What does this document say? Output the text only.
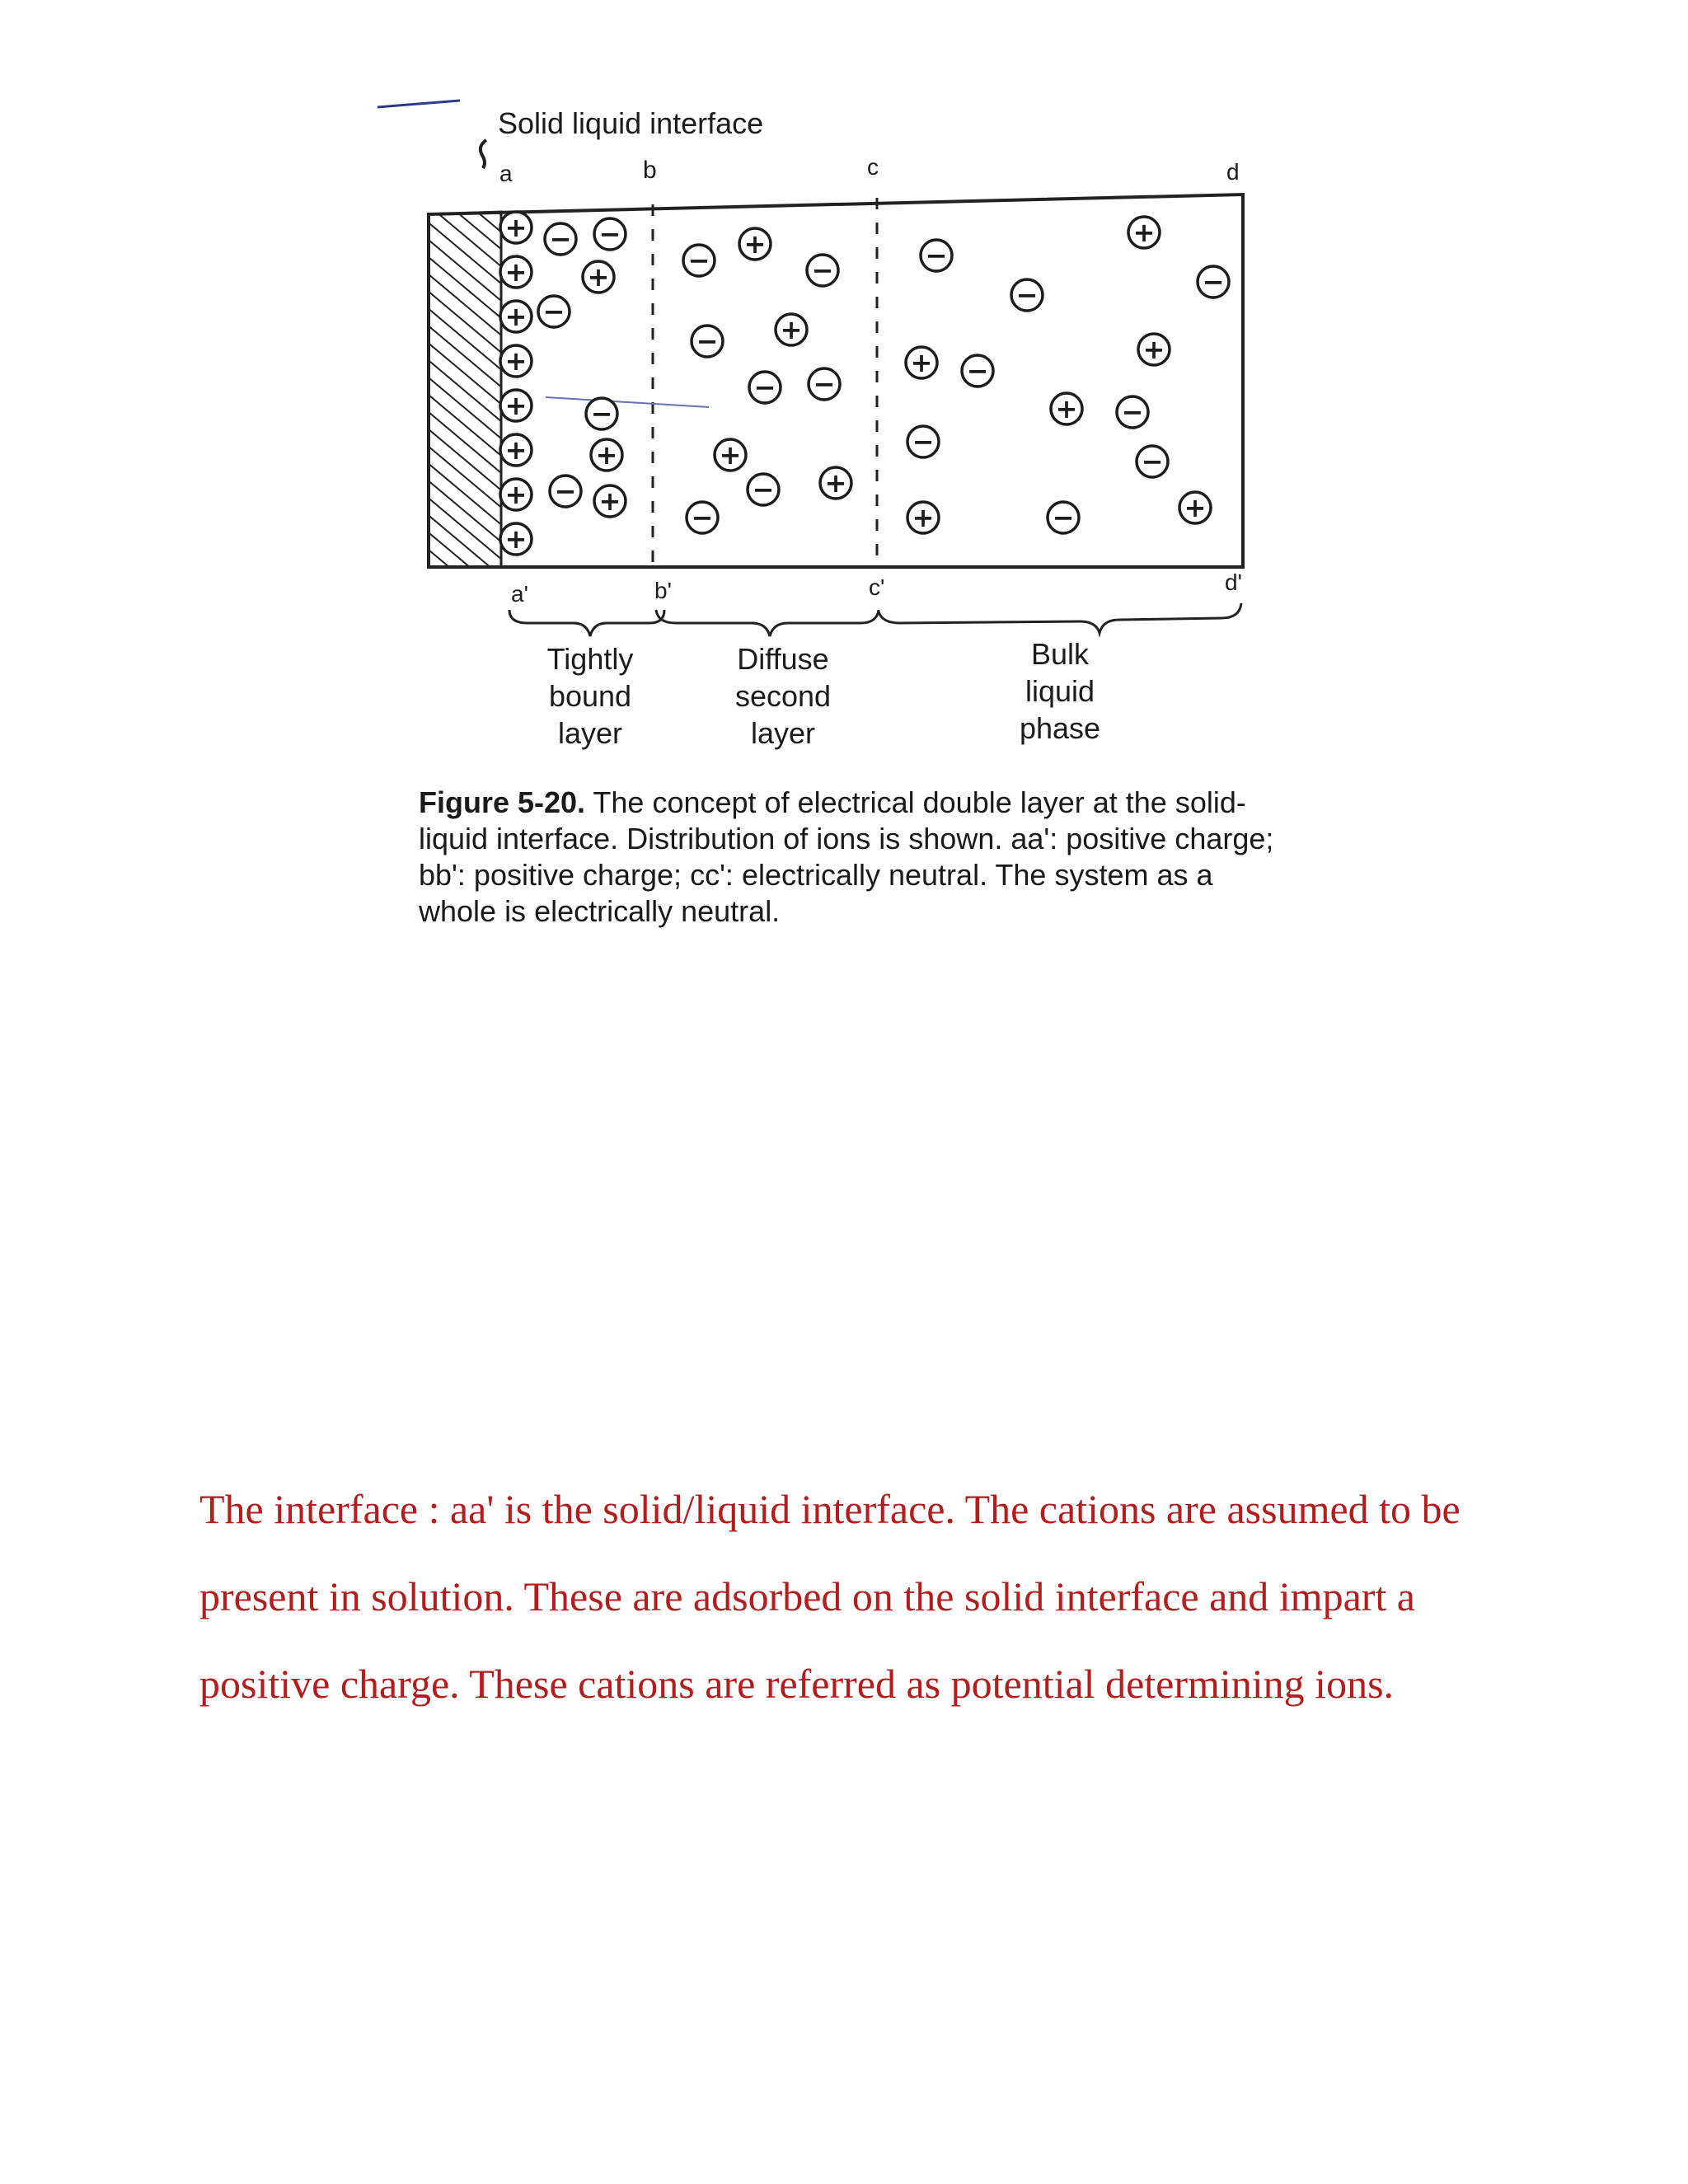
Solid liquid interface
a	b	c	d
+
+
+
+
+
+
+
+
− −
+
−
−
+
− +
−
+
−
− +
− −
+
− +
−
−
−
+
−
+ −
+
+ −
−
−
+	−	+
a'	b'	c'	d'
Tightly
bound
layer
Diffuse
second
layer
Bulk
liquid
phase
Figure 5-20. The concept of electrical double layer at the solid-liquid interface. Distribution of ions is shown. aa': positive charge; bb': positive charge; cc': electrically neutral. The system as a whole is electrically neutral.

The interface : aa' is the solid/liquid interface. The cations are assumed to be present in solution. These are adsorbed on the solid interface and impart a positive charge. These cations are referred as potential determining ions.
